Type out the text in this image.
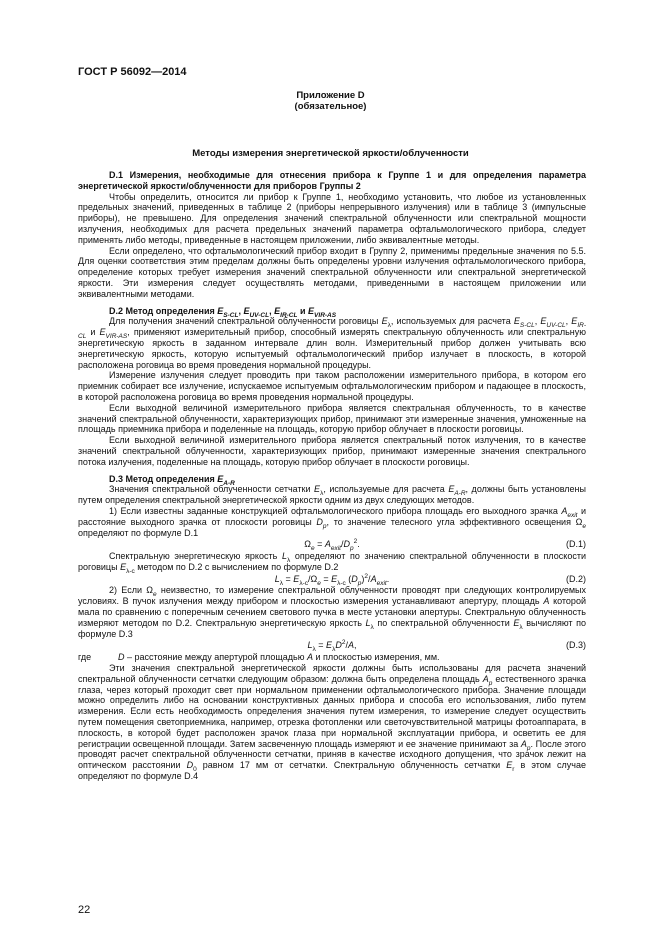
ГОСТ Р 56092—2014
Приложение D
(обязательное)
Методы измерения энергетической яркости/облученности

D.1 Измерения, необходимые для отнесения прибора к Группе 1 и для определения параметра энергетической яркости/облученности для приборов Группы 2

Чтобы определить, относится ли прибор к Группе 1, необходимо установить, что любое из установленных предельных значений, приведенных в таблице 2 (приборы непрерывного излучения) или в таблице 3 (импульсные приборы), не превышено. Для определения значений спектральной облученности или спектральной мощности излучения, необходимых для расчета предельных значений параметра офтальмологического прибора, следует применять либо методы, приведенные в настоящем приложении, либо эквивалентные методы.

Если определено, что офтальмологический прибор входит в Группу 2, применимы предельные значения по 5.5. Для оценки соответствия этим пределам должны быть определены уровни излучения офтальмологического прибора, определение которых требует измерения значений спектральной облученности или спектральной энергетической яркости. Эти измерения следует осуществлять методами, приведенными в настоящем приложении или эквивалентными методами.

D.2 Метод определения $E_{S-CL}$, $E_{UV-CL}$, $E_{IR-CL}$ и $E_{VIR-AS}$

Для получения значений спектральной облученности роговицы $E_\lambda$, используемых для расчета $E_{S-CL}$, $E_{UV-CL}$, $E_{IR-CL}$ и $E_{VIR-AS}$, применяют измерительный прибор, способный измерять спектральную облученность или спектральную энергетическую яркость в заданном интервале длин волн. Измерительный прибор должен учитывать всю энергетическую яркость, которую испытуемый офтальмологический прибор излучает в плоскость, в которой расположена роговица во время проведения нормальной процедуры.

Измерение излучения следует проводить при таком расположении измерительного прибора, в котором его приемник собирает все излучение, испускаемое испытуемым офтальмологическим прибором и падающее в плоскость, в которой расположена роговица во время проведения нормальной процедуры.

Если выходной величиной измерительного прибора является спектральная облученность, то в качестве значений спектральной облученности, характеризующих прибор, принимают эти измеренные значения, умноженные на площадь приемника прибора и поделенные на площадь, которую прибор облучает в плоскости роговицы.

Если выходной величиной измерительного прибора является спектральный поток излучения, то в качестве значений спектральной облученности, характеризующих прибор, принимают измеренные значения спектрального потока излучения, поделенные на площадь, которую прибор облучает в плоскости роговицы.

D.3 Метод определения $E_{A-R}$

Значения спектральной облученности сетчатки $E_\lambda$, используемые для расчета $E_{A-R}$, должны быть установлены путем определения спектральной энергетической яркости одним из двух следующих методов.

1) Если известны заданные конструкцией офтальмологического прибора площадь его выходного зрачка $A_{exit}$ и расстояние выходного зрачка от плоскости роговицы $D_p$, то значение телесного угла эффективного освещения $\Omega_e$ определяют по формуле D.1

$\Omega_e = A_{exit}/D_p^2$.	(D.1)

Спектральную энергетическую яркость $L_\lambda$ определяют по значению спектральной облученности в плоскости роговицы $E_{\lambda-c}$ методом по D.2 с вычислением по формуле D.2

$L_\lambda = E_{\lambda-c}/\Omega_e = E_{\lambda-c}$ $(D_p)^2/A_{exit}$.	(D.2)

2) Если $\Omega_e$ неизвестно, то измерение спектральной облученности проводят при следующих контролируемых условиях. В пучок излучения между прибором и плоскостью измерения устанавливают апертуру, площадь A которой мала по сравнению с поперечным сечением светового пучка в месте установки апертуры. Спектральную облученность измеряют методом по D.2. Спектральную энергетическую яркость $L_\lambda$ по спектральной облученности $E_\lambda$ вычисляют по формуле D.3

$L_\lambda = E_\lambda D^2/A$,	(D.3)

где	D – расстояние между апертурой площадью A и плоскостью измерения, мм.

Эти значения спектральной энергетической яркости должны быть использованы для расчета значений спектральной облученности сетчатки следующим образом: должна быть определена площадь $A_p$ естественного зрачка глаза, через который проходит свет при нормальном применении офтальмологического прибора. Значение площади можно определить либо на основании конструктивных данных прибора и способа его использования, либо путем измерения. Если есть необходимость определения значения путем измерения, то измерение следует осуществить путем помещения светоприемника, например, отрезка фотопленки или светочувствительной матрицы фотоаппарата, в плоскость, в которой будет расположен зрачок глаза при нормальной эксплуатации прибора, и осветить ее для регистрации освещенной площади. Затем засвеченную площадь измеряют и ее значение принимают за $A_p$. После этого проводят расчет спектральной облученности сетчатки, приняв в качестве исходного допущения, что зрачок лежит на оптическом расстоянии $D_0$ равном 17 мм от сетчатки. Спектральную облученность сетчатки $E_r$ в этом случае определяют по формуле D.4

22
